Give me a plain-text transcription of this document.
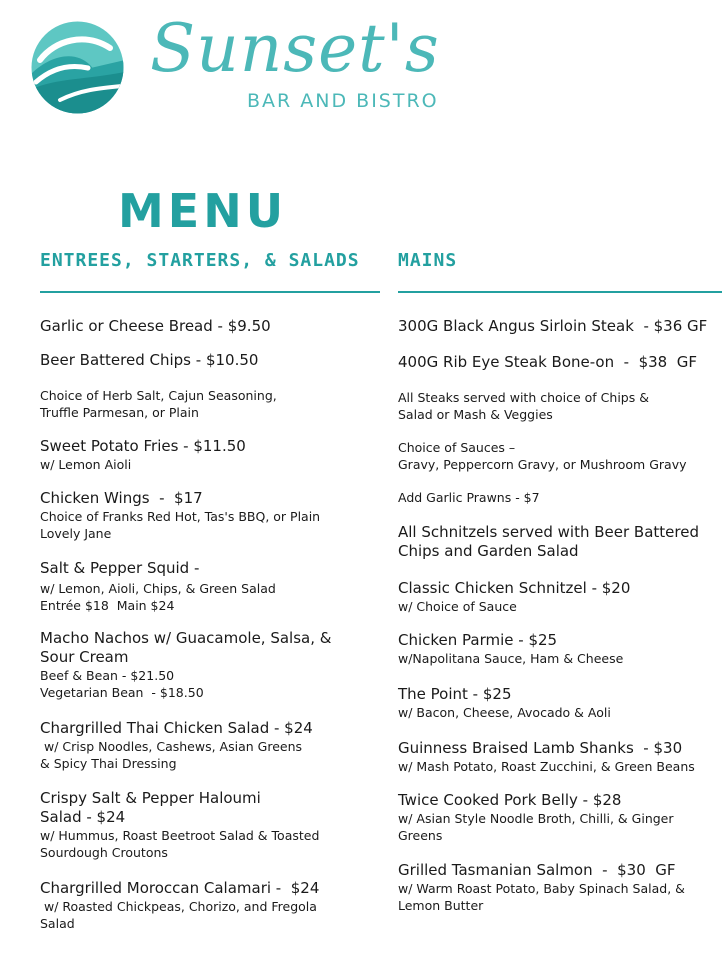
Sunset's
BAR AND BISTRO
MENU
ENTREES, STARTERS, & SALADS
Garlic or Cheese Bread - $9.50
Beer Battered Chips - $10.50
Choice of Herb Salt, Cajun Seasoning,
Truffle Parmesan, or Plain
Sweet Potato Fries - $11.50
w/ Lemon Aioli
Chicken Wings  -  $17
Choice of Franks Red Hot, Tas's BBQ, or Plain
Lovely Jane
Salt & Pepper Squid -
w/ Lemon, Aioli, Chips, & Green Salad
Entrée $18  Main $24
Macho Nachos w/ Guacamole, Salsa, &
Sour Cream
Beef & Bean - $21.50
Vegetarian Bean  - $18.50
Chargrilled Thai Chicken Salad - $24
w/ Crisp Noodles, Cashews, Asian Greens
& Spicy Thai Dressing
Crispy Salt & Pepper Haloumi
Salad - $24
w/ Hummus, Roast Beetroot Salad & Toasted
Sourdough Croutons
Chargrilled Moroccan Calamari -  $24
w/ Roasted Chickpeas, Chorizo, and Fregola
Salad
MAINS
300G Black Angus Sirloin Steak  - $36 GF
400G Rib Eye Steak Bone-on  -  $38  GF
All Steaks served with choice of Chips &
Salad or Mash & Veggies
Choice of Sauces –
Gravy, Peppercorn Gravy, or Mushroom Gravy
Add Garlic Prawns - $7
All Schnitzels served with Beer Battered
Chips and Garden Salad
Classic Chicken Schnitzel - $20
w/ Choice of Sauce
Chicken Parmie - $25
w/Napolitana Sauce, Ham & Cheese
The Point - $25
w/ Bacon, Cheese, Avocado & Aoli
Guinness Braised Lamb Shanks  - $30
w/ Mash Potato, Roast Zucchini, & Green Beans
Twice Cooked Pork Belly - $28
w/ Asian Style Noodle Broth, Chilli, & Ginger
Greens
Grilled Tasmanian Salmon  -  $30  GF
w/ Warm Roast Potato, Baby Spinach Salad, &
Lemon Butter
